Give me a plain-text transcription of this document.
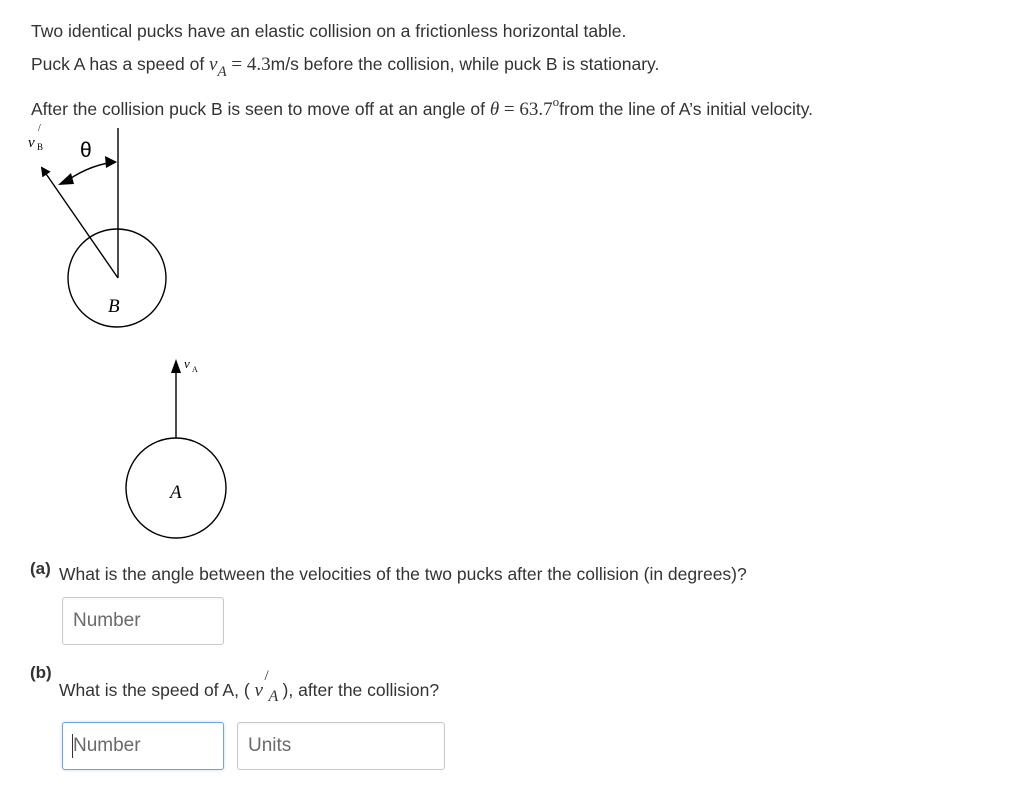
Two identical pucks have an elastic collision on a frictionless horizontal table.
Puck A has a speed of $v_A = 4.3m/s$ before the collision, while puck B is stationary.
After the collision puck B is seen to move off at an angle of $\theta = 63.7^ofrom$ the line of A’s initial velocity.
v B
/
θ
B
v A
A
(a) What is the angle between the velocities of the two pucks after the collision (in degrees)?
Number
(b)
What is the speed of A, ( v
/
A ), after the collision?
Number
Units
